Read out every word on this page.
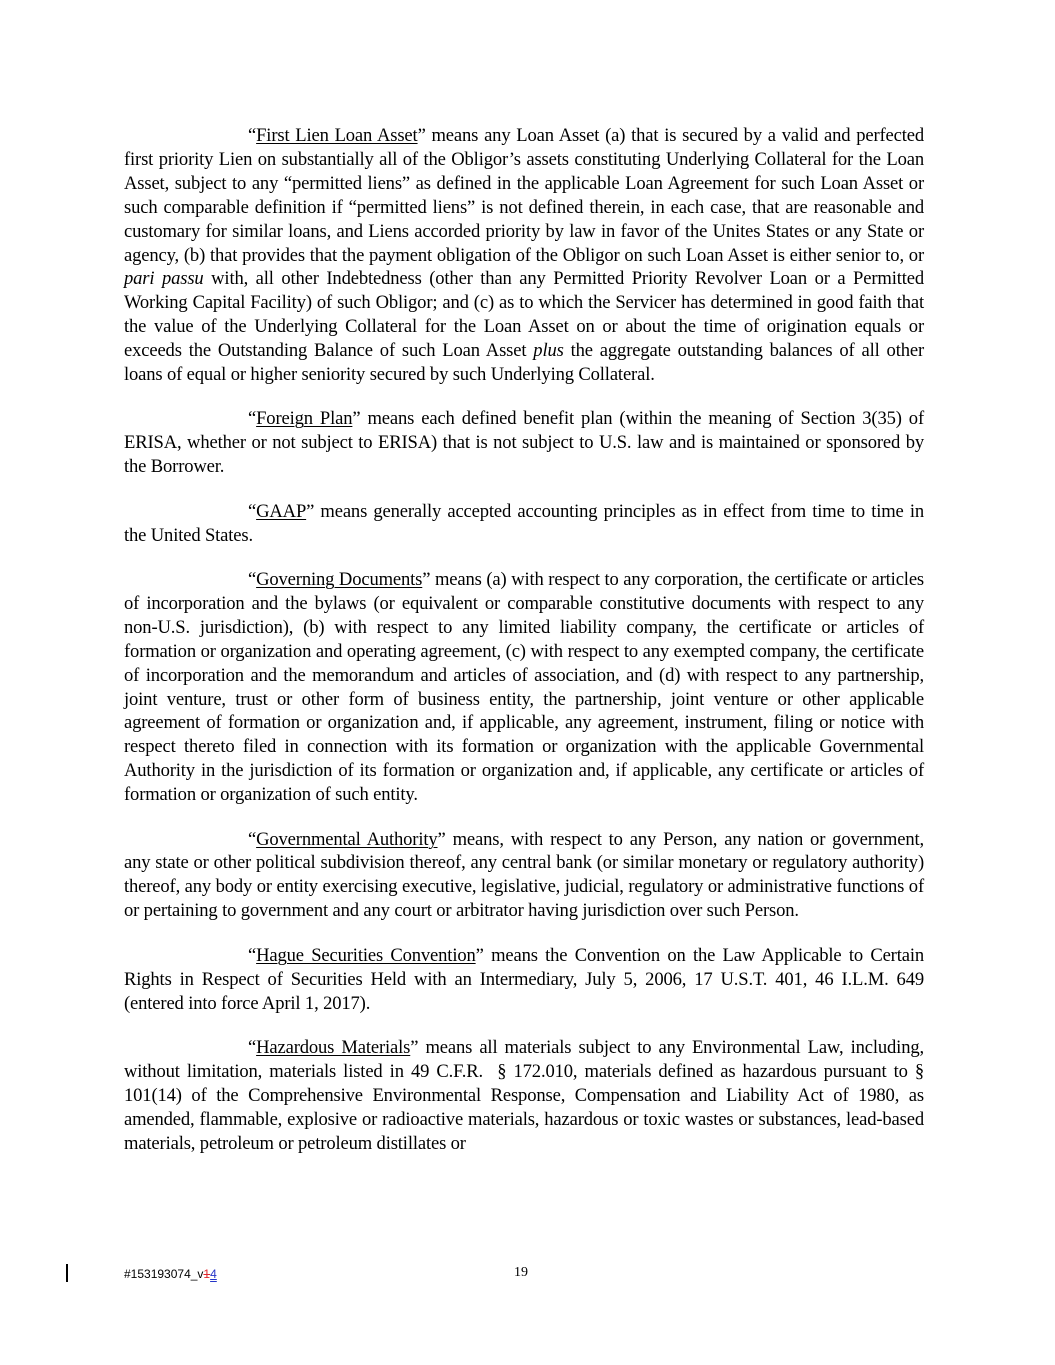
“First Lien Loan Asset” means any Loan Asset (a) that is secured by a valid and perfected first priority Lien on substantially all of the Obligor’s assets constituting Underlying Collateral for the Loan Asset, subject to any “permitted liens” as defined in the applicable Loan Agreement for such Loan Asset or such comparable definition if “permitted liens” is not defined therein, in each case, that are reasonable and customary for similar loans, and Liens accorded priority by law in favor of the Unites States or any State or agency, (b) that provides that the payment obligation of the Obligor on such Loan Asset is either senior to, or pari passu with, all other Indebtedness (other than any Permitted Priority Revolver Loan or a Permitted Working Capital Facility) of such Obligor; and (c) as to which the Servicer has determined in good faith that the value of the Underlying Collateral for the Loan Asset on or about the time of origination equals or exceeds the Outstanding Balance of such Loan Asset plus the aggregate outstanding balances of all other loans of equal or higher seniority secured by such Underlying Collateral.

“Foreign Plan” means each defined benefit plan (within the meaning of Section 3(35) of ERISA, whether or not subject to ERISA) that is not subject to U.S. law and is maintained or sponsored by the Borrower.

“GAAP” means generally accepted accounting principles as in effect from time to time in the United States.

“Governing Documents” means (a) with respect to any corporation, the certificate or articles of incorporation and the bylaws (or equivalent or comparable constitutive documents with respect to any non-U.S. jurisdiction), (b) with respect to any limited liability company, the certificate or articles of formation or organization and operating agreement, (c) with respect to any exempted company, the certificate of incorporation and the memorandum and articles of association, and (d) with respect to any partnership, joint venture, trust or other form of business entity, the partnership, joint venture or other applicable agreement of formation or organization and, if applicable, any agreement, instrument, filing or notice with respect thereto filed in connection with its formation or organization with the applicable Governmental Authority in the jurisdiction of its formation or organization and, if applicable, any certificate or articles of formation or organization of such entity.

“Governmental Authority” means, with respect to any Person, any nation or government, any state or other political subdivision thereof, any central bank (or similar monetary or regulatory authority) thereof, any body or entity exercising executive, legislative, judicial, regulatory or administrative functions of or pertaining to government and any court or arbitrator having jurisdiction over such Person.

“Hague Securities Convention” means the Convention on the Law Applicable to Certain Rights in Respect of Securities Held with an Intermediary, July 5, 2006, 17 U.S.T. 401, 46 I.L.M. 649 (entered into force April 1, 2017).

“Hazardous Materials” means all materials subject to any Environmental Law, including, without limitation, materials listed in 49 C.F.R.  § 172.010, materials defined as hazardous pursuant to § 101(14) of the Comprehensive Environmental Response, Compensation and Liability Act of 1980, as amended, flammable, explosive or radioactive materials, hazardous or toxic wastes or substances, lead-based materials, petroleum or petroleum distillates or

#153193074_v14	19
